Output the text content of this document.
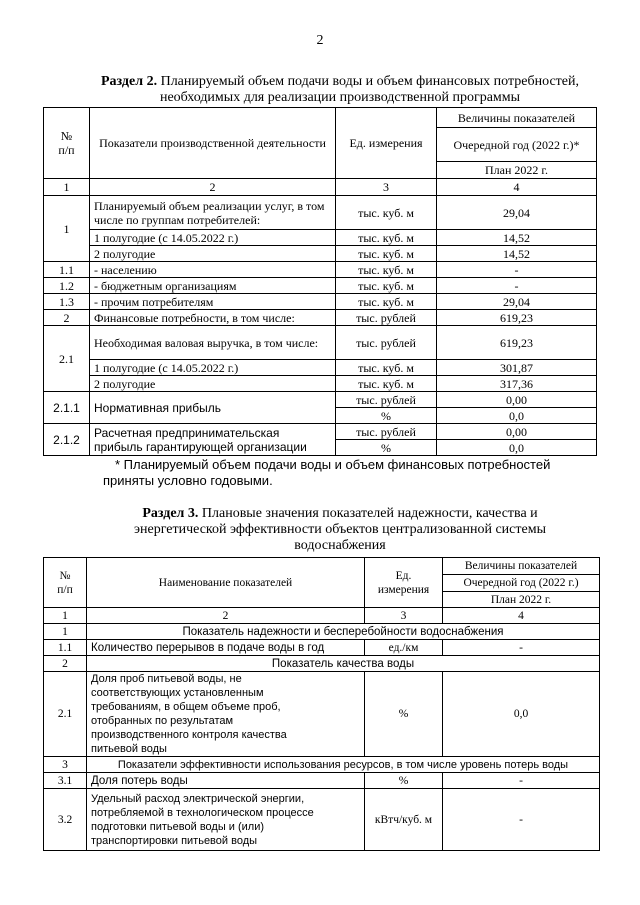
2
Раздел 2. Планируемый объем подачи воды и объем финансовых потребностей,
необходимых для реализации производственной программы
№
п/п	Показатели производственной деятельности	Ед. измерения	Величины показателей
			Очередной год (2022 г.)*
			План 2022 г.
1	2	3	4
1	Планируемый объем реализации услуг, в том числе по группам потребителей:	тыс. куб. м	29,04
	1 полугодие (с 14.05.2022 г.)	тыс. куб. м	14,52
	2 полугодие	тыс. куб. м	14,52
1.1	- населению	тыс. куб. м	-
1.2	- бюджетным организациям	тыс. куб. м	-
1.3	- прочим потребителям	тыс. куб. м	29,04
2	Финансовые потребности, в том числе:	тыс. рублей	619,23
2.1	Необходимая валовая выручка, в том числе:	тыс. рублей	619,23
	1 полугодие (с 14.05.2022 г.)	тыс. куб. м	301,87
	2 полугодие	тыс. куб. м	317,36
2.1.1	Нормативная прибыль	тыс. рублей	0,00
		%	0,0
2.1.2	Расчетная предпринимательская прибыль гарантирующей организации	тыс. рублей	0,00
		%	0,0
* Планируемый объем подачи воды и объем финансовых потребностей
приняты условно годовыми.
Раздел 3. Плановые значения показателей надежности, качества и
энергетической эффективности объектов централизованной системы
водоснабжения
№
п/п	Наименование показателей	Ед. измерения	Величины показателей
			Очередной год (2022 г.)
			План 2022 г.
1	2	3	4
1	Показатель надежности и бесперебойности водоснабжения		
1.1	Количество перерывов в подаче воды в год	ед./км	-
2	Показатель качества воды		
2.1	Доля проб питьевой воды, не соответствующих установленным требованиям, в общем объеме проб, отобранных по результатам производственного контроля качества питьевой воды	%	0,0
3	Показатели эффективности использования ресурсов, в том числе уровень потерь воды		
3.1	Доля потерь воды	%	-
3.2	Удельный расход электрической энергии, потребляемой в технологическом процессе подготовки питьевой воды и (или) транспортировки питьевой воды	кВтч/куб. м	-
